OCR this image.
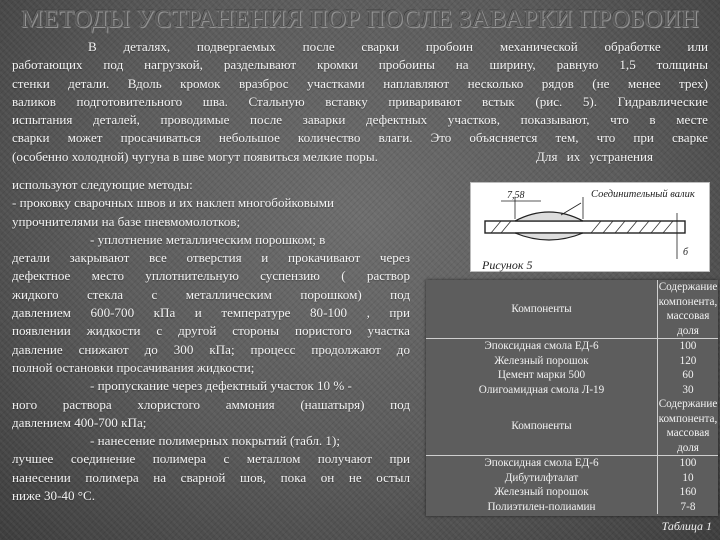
МЕТОДЫ УСТРАНЕНИЯ ПОР ПОСЛЕ ЗАВАРКИ ПРОБОИН
В деталях, подвергаемых после сварки пробоин механической обработке или
работающих под нагрузкой, разделывают кромки пробоины на ширину, равную 1,5 толщины
стенки детали. Вдоль кромок вразброс участками наплавляют несколько рядов (не менее трех)
валиков подготовительного шва. Стальную вставку приваривают встык (рис. 5). Гидравлические
испытания деталей, проводимые после заварки дефектных участков, показывают, что в месте
сварки может просачиваться небольшое количество влаги. Это объясняется тем, что при сварке
(особенно холодной) чугуна в шве могут появиться мелкие поры.	Для их устранения
используют следующие методы:
- проковку сварочных швов и их наклеп многобойковыми
упрочнителями на базе пневмомолотков;
- уплотнение металлическим порошком; в
детали закрывают все отверстия и прокачивают через
дефектное место уплотнительную суспензию ( раствор
жидкого стекла с металлическим порошком) под
давлением 600-700 кПа и температуре 80-100 , при
появлении жидкости с другой стороны пористого участка
давление снижают до 300 кПа; процесс продолжают до
полной остановки просачивания жидкости;
- пропускание через дефектный участок 10 % -
ного раствора хлористого аммония (нашатыря) под
давлением 400-700 кПа;
- нанесение полимерных покрытий (табл. 1);
лучшее соединение полимера с металлом получают при
нанесении полимера на сварной шов, пока он не остыл
ниже 30-40 °С.
7,58	Соединительный валик
б
Рисунок 5
Компоненты	Содержание компонента, массовая доля
Эпоксидная смола ЕД-6	100
Железный порошок	120
Цемент марки 500	60
Олигоамидная смола Л-19	30
Компоненты	Содержание компонента, массовая доля
Эпоксидная смола ЕД-6	100
Дибутилфталат	10
Железный порошок	160
Полиэтилен-полиамин	7-8
Таблица 1
